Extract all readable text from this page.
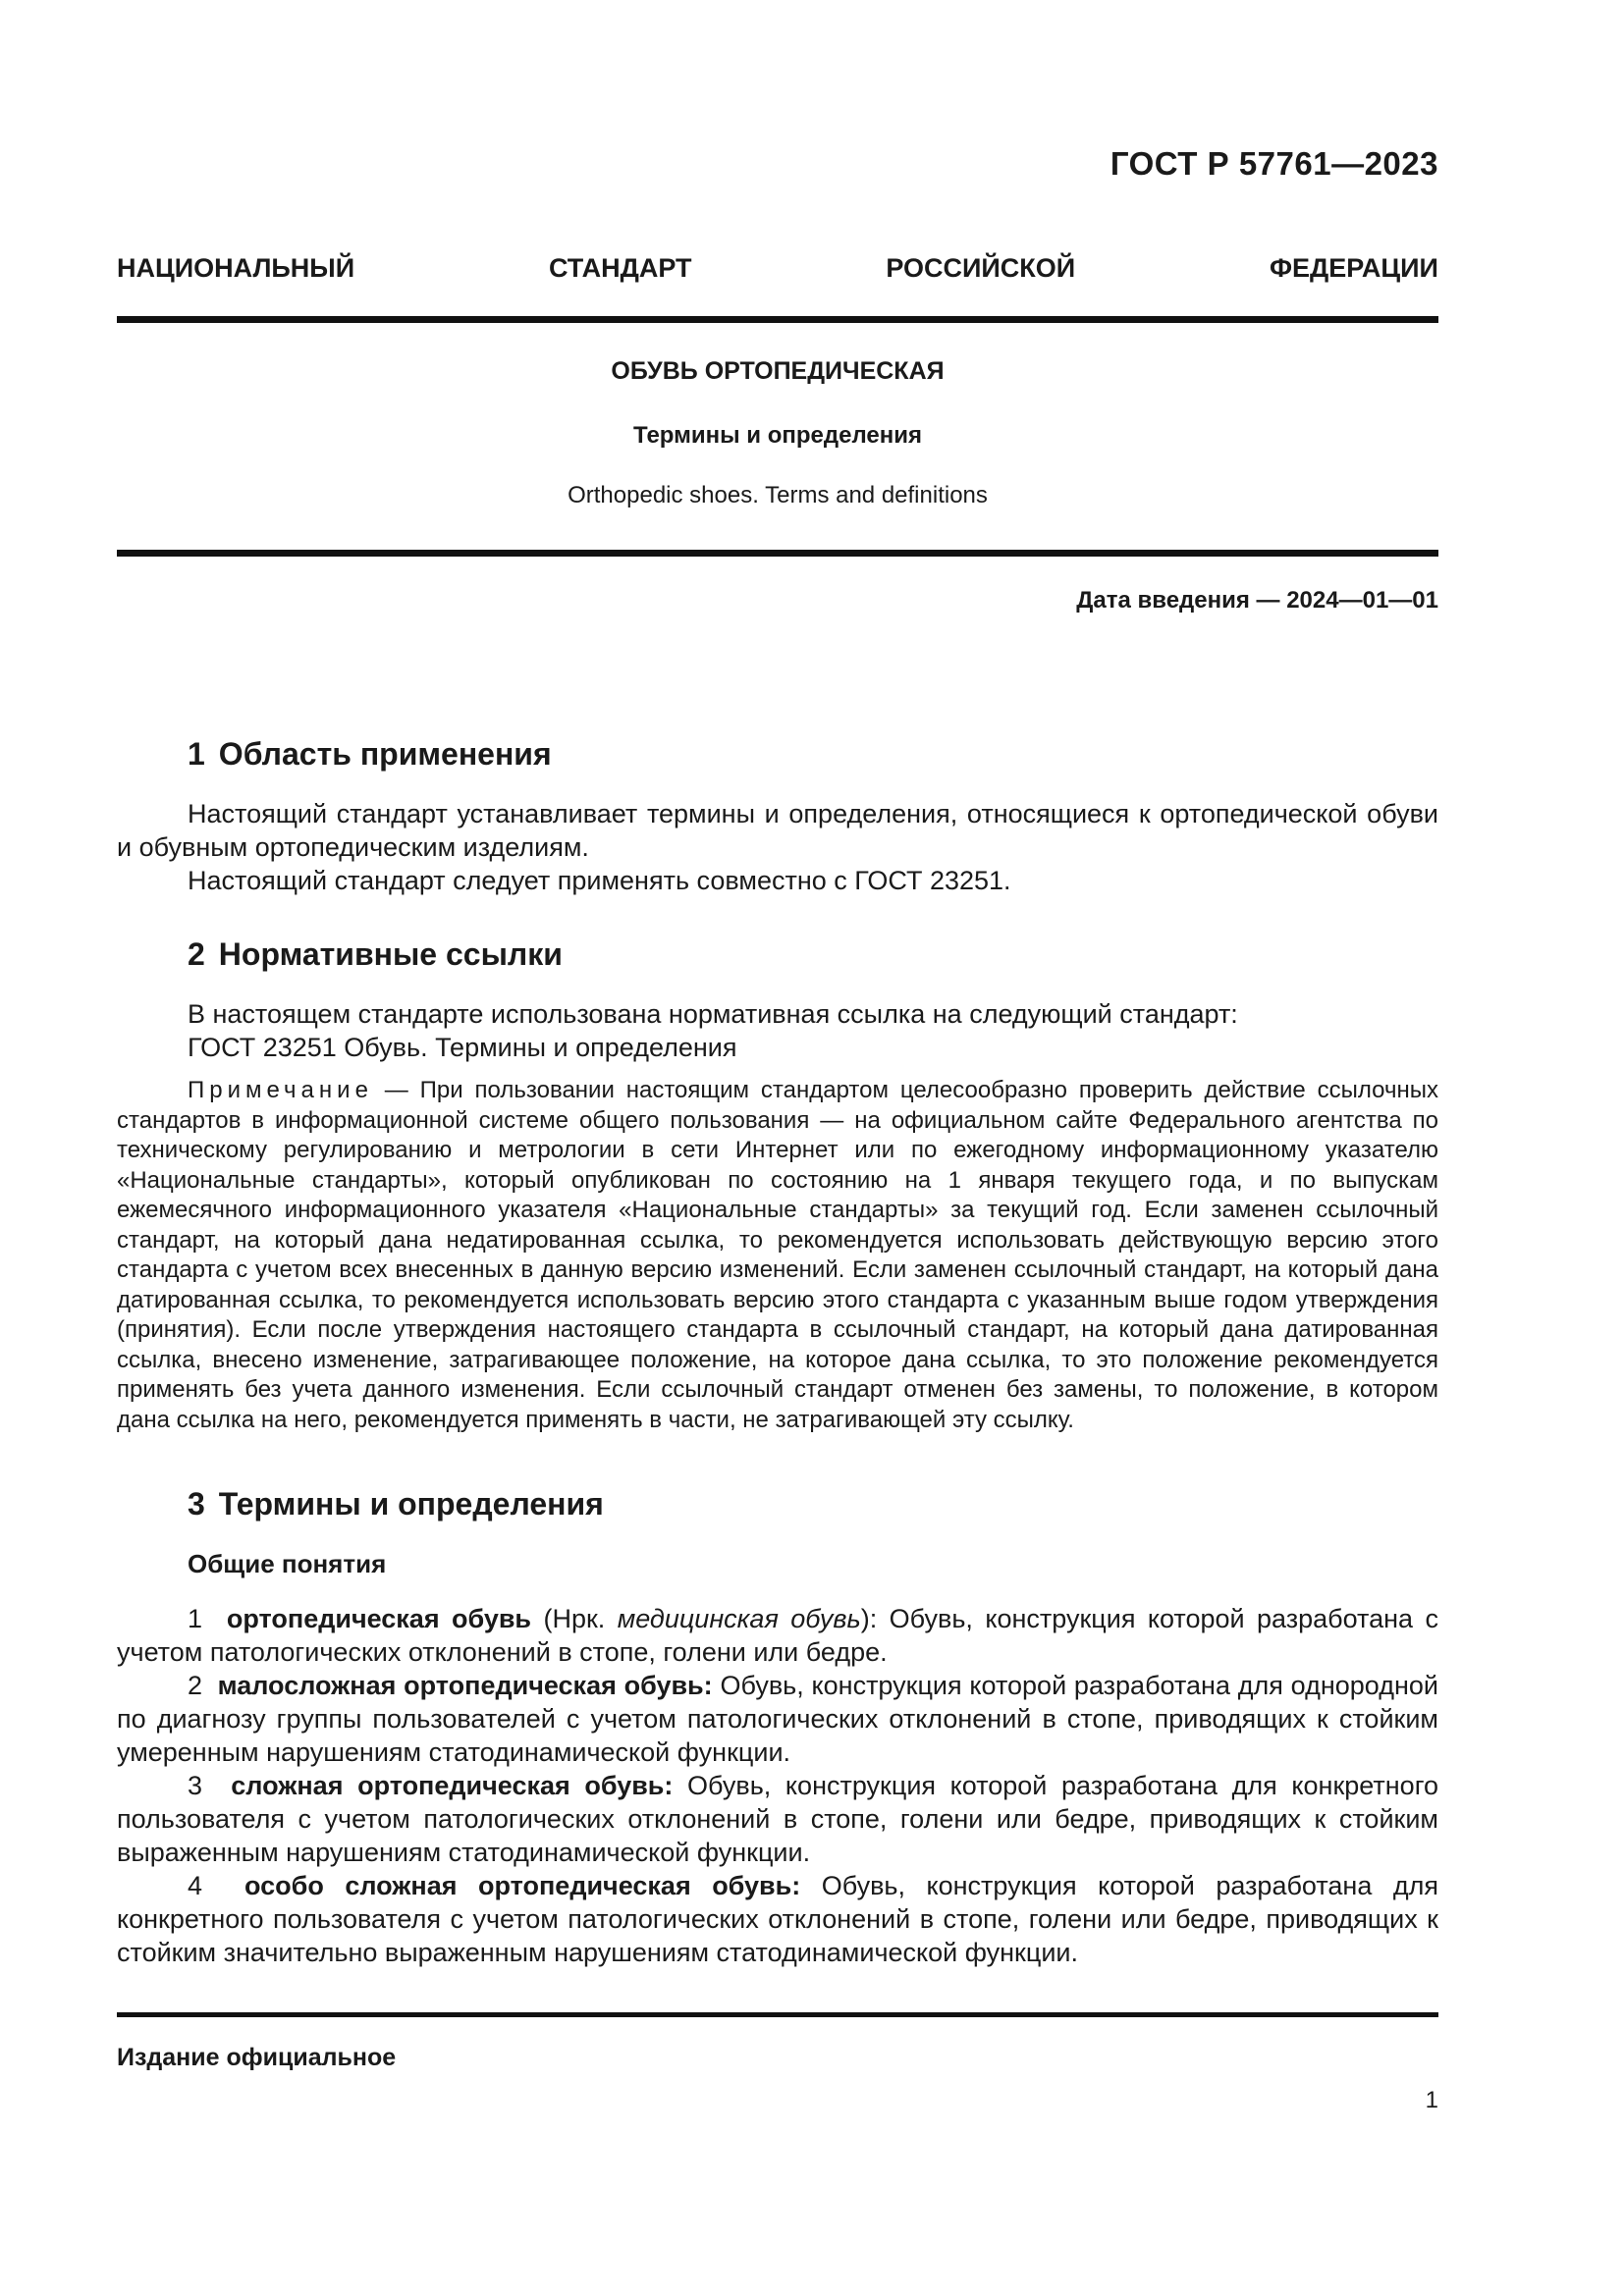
ГОСТ Р 57761—2023
НАЦИОНАЛЬНЫЙ	СТАНДАРТ	РОССИЙСКОЙ	ФЕДЕРАЦИИ
ОБУВЬ ОРТОПЕДИЧЕСКАЯ
Термины и определения
Orthopedic shoes. Terms and definitions
Дата введения — 2024—01—01
1 Область применения
Настоящий стандарт устанавливает термины и определения, относящиеся к ортопедической обуви и обувным ортопедическим изделиям.
Настоящий стандарт следует применять совместно с ГОСТ 23251.
2 Нормативные ссылки
В настоящем стандарте использована нормативная ссылка на следующий стандарт:
ГОСТ 23251 Обувь. Термины и определения
Примечание — При пользовании настоящим стандартом целесообразно проверить действие ссылочных стандартов в информационной системе общего пользования — на официальном сайте Федерального агентства по техническому регулированию и метрологии в сети Интернет или по ежегодному информационному указателю «Национальные стандарты», который опубликован по состоянию на 1 января текущего года, и по выпускам ежемесячного информационного указателя «Национальные стандарты» за текущий год. Если заменен ссылочный стандарт, на который дана недатированная ссылка, то рекомендуется использовать действующую версию этого стандарта с учетом всех внесенных в данную версию изменений. Если заменен ссылочный стандарт, на который дана датированная ссылка, то рекомендуется использовать версию этого стандарта с указанным выше годом утверждения (принятия). Если после утверждения настоящего стандарта в ссылочный стандарт, на который дана датированная ссылка, внесено изменение, затрагивающее положение, на которое дана ссылка, то это положение рекомендуется применять без учета данного изменения. Если ссылочный стандарт отменен без замены, то положение, в котором дана ссылка на него, рекомендуется применять в части, не затрагивающей эту ссылку.
3 Термины и определения
Общие понятия
1 ортопедическая обувь (Нрк. медицинская обувь): Обувь, конструкция которой разработана с учетом патологических отклонений в стопе, голени или бедре.
2 малосложная ортопедическая обувь: Обувь, конструкция которой разработана для однородной по диагнозу группы пользователей с учетом патологических отклонений в стопе, приводящих к стойким умеренным нарушениям статодинамической функции.
3 сложная ортопедическая обувь: Обувь, конструкция которой разработана для конкретного пользователя с учетом патологических отклонений в стопе, голени или бедре, приводящих к стойким выраженным нарушениям статодинамической функции.
4 особо сложная ортопедическая обувь: Обувь, конструкция которой разработана для конкретного пользователя с учетом патологических отклонений в стопе, голени или бедре, приводящих к стойким значительно выраженным нарушениям статодинамической функции.
Издание официальное
1
